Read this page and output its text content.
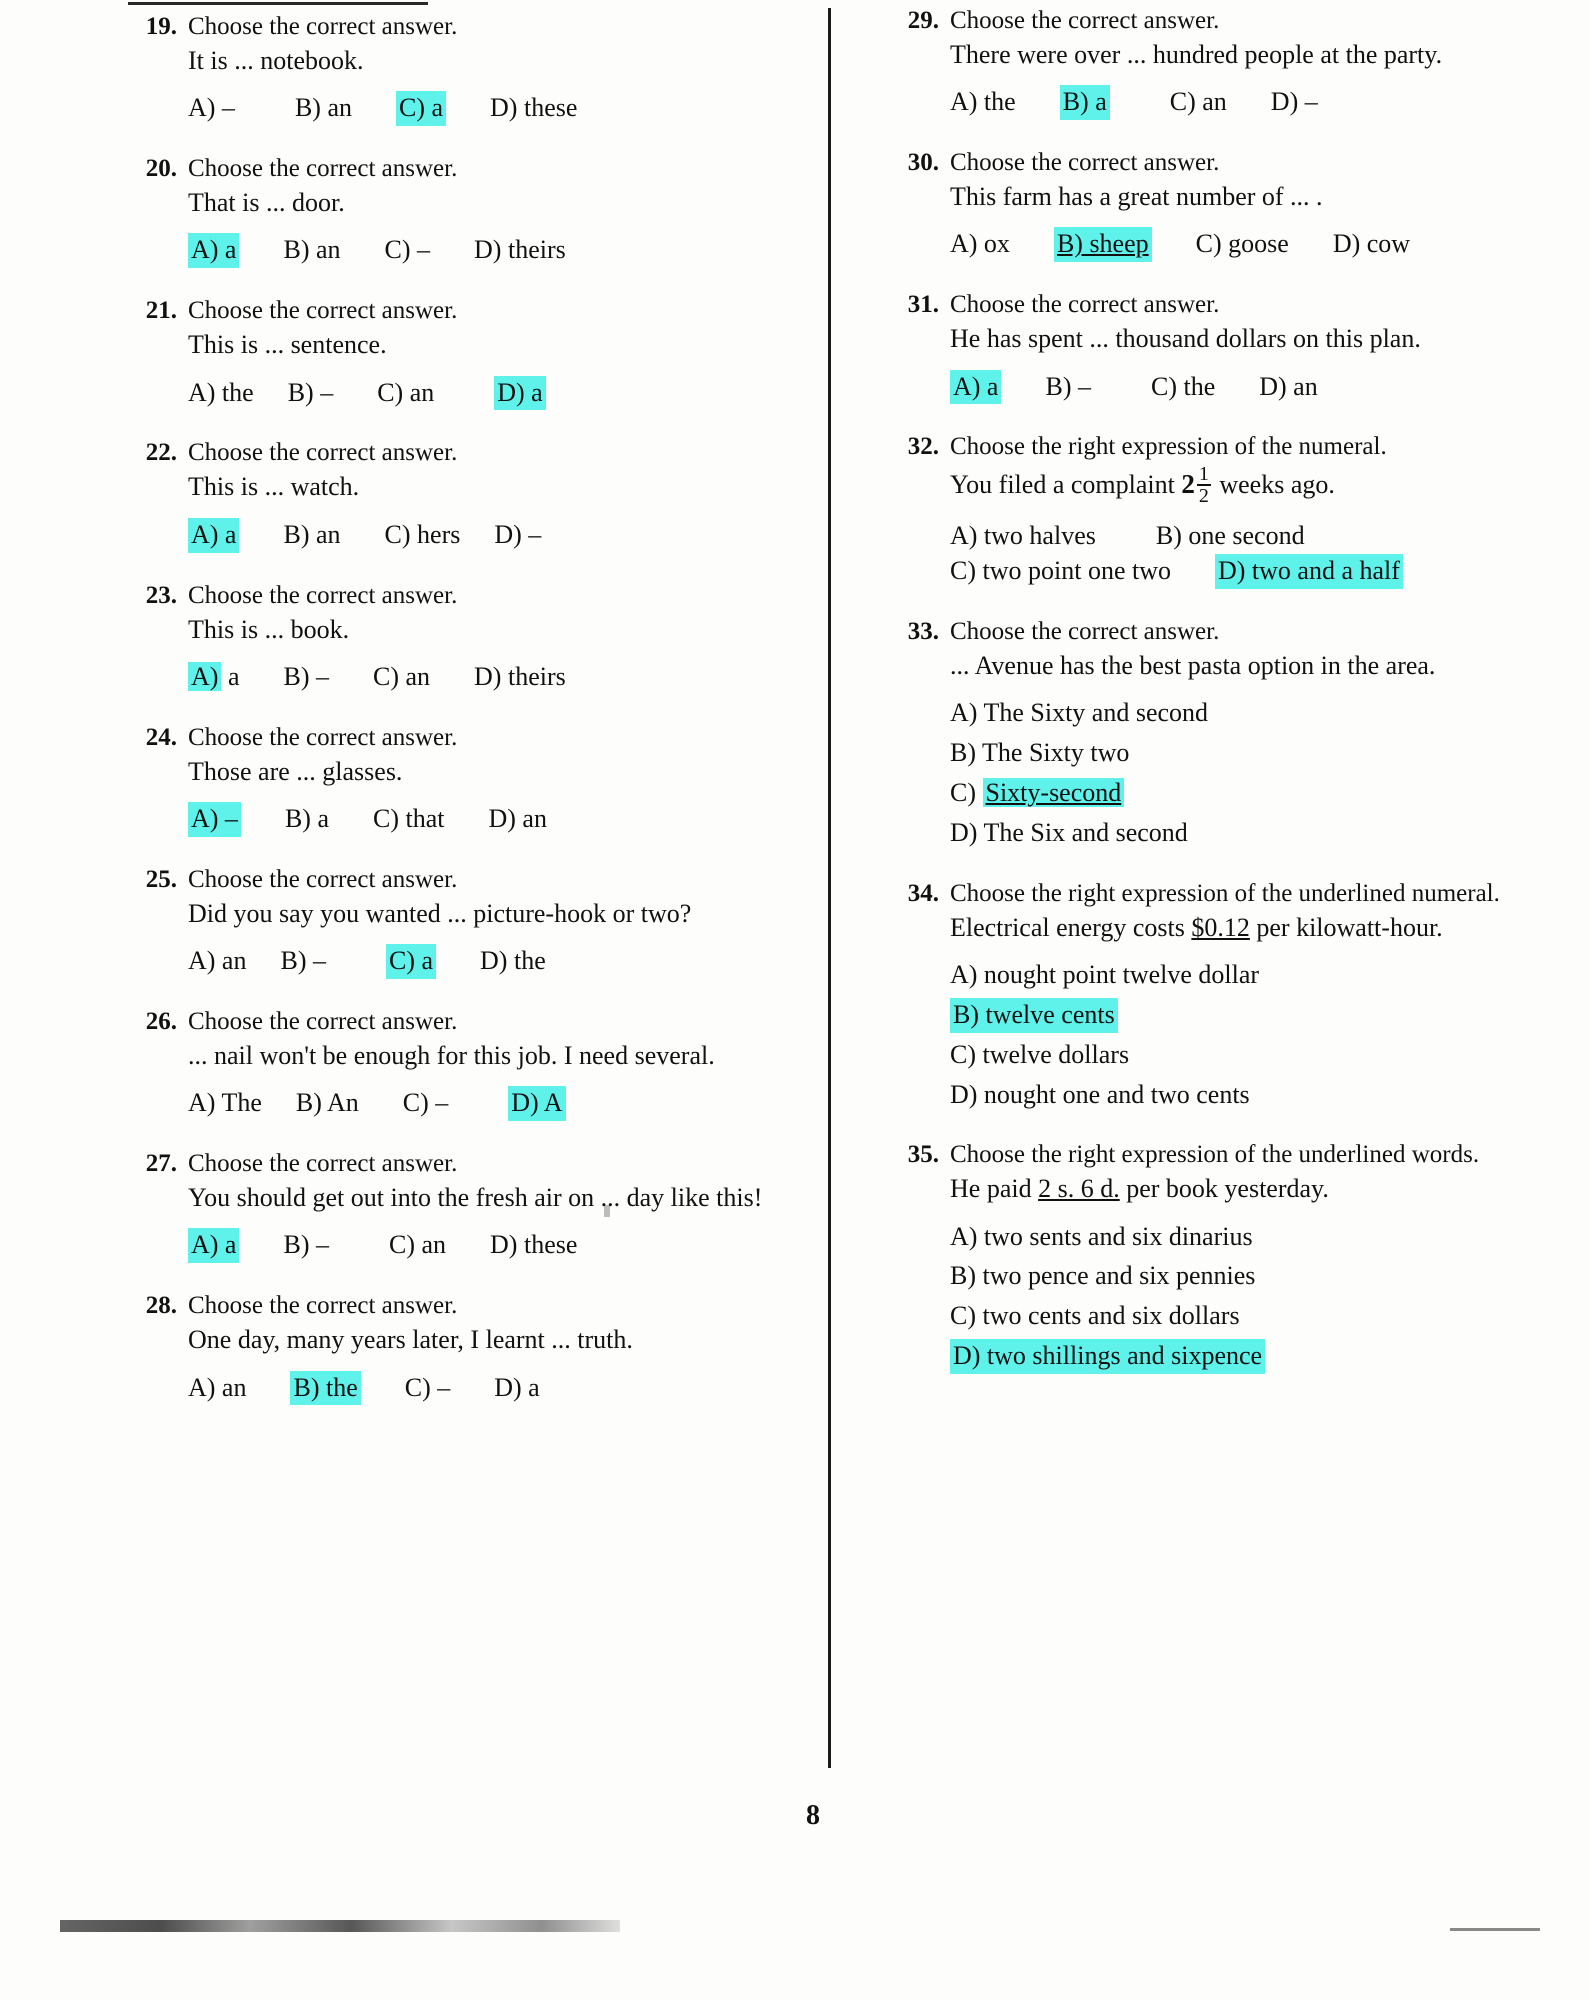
19. Choose the correct answer.
It is ... notebook.
A) – B) an C) a D) these
20. Choose the correct answer.
That is ... door.
A) a B) an C) – D) theirs
21. Choose the correct answer.
This is ... sentence.
A) the B) – C) an D) a
22. Choose the correct answer.
This is ... watch.
A) a B) an C) hers D) –
23. Choose the correct answer.
This is ... book.
A) a B) – C) an D) theirs
24. Choose the correct answer.
Those are ... glasses.
A) – B) a C) that D) an
25. Choose the correct answer.
Did you say you wanted ... picture-hook or two?
A) an B) – C) a D) the
26. Choose the correct answer.
... nail won't be enough for this job. I need several.
A) The B) An C) – D) A
27. Choose the correct answer.
You should get out into the fresh air on ... day like this!
A) a B) – C) an D) these
28. Choose the correct answer.
One day, many years later, I learnt ... truth.
A) an B) the C) – D) a
29. Choose the correct answer.
There were over ... hundred people at the party.
A) the B) a C) an D) –
30. Choose the correct answer.
This farm has a great number of ... .
A) ox B) sheep C) goose D) cow
31. Choose the correct answer.
He has spent ... thousand dollars on this plan.
A) a B) – C) the D) an
32. Choose the right expression of the numeral.
You filed a complaint $2 \frac{1}{2}$ weeks ago.
A) two halves B) one second
C) two point one two D) two and a half
33. Choose the correct answer.
... Avenue has the best pasta option in the area.
A) The Sixty and second
B) The Sixty two
C) Sixty-second
D) The Six and second
34. Choose the right expression of the underlined numeral.
Electrical energy costs $0.12 per kilowatt-hour.
A) nought point twelve dollar
B) twelve cents
C) twelve dollars
D) nought one and two cents
35. Choose the right expression of the underlined words.
He paid 2 s. 6 d. per book yesterday.
A) two sents and six dinarius
B) two pence and six pennies
C) two cents and six dollars
D) two shillings and sixpence
8
